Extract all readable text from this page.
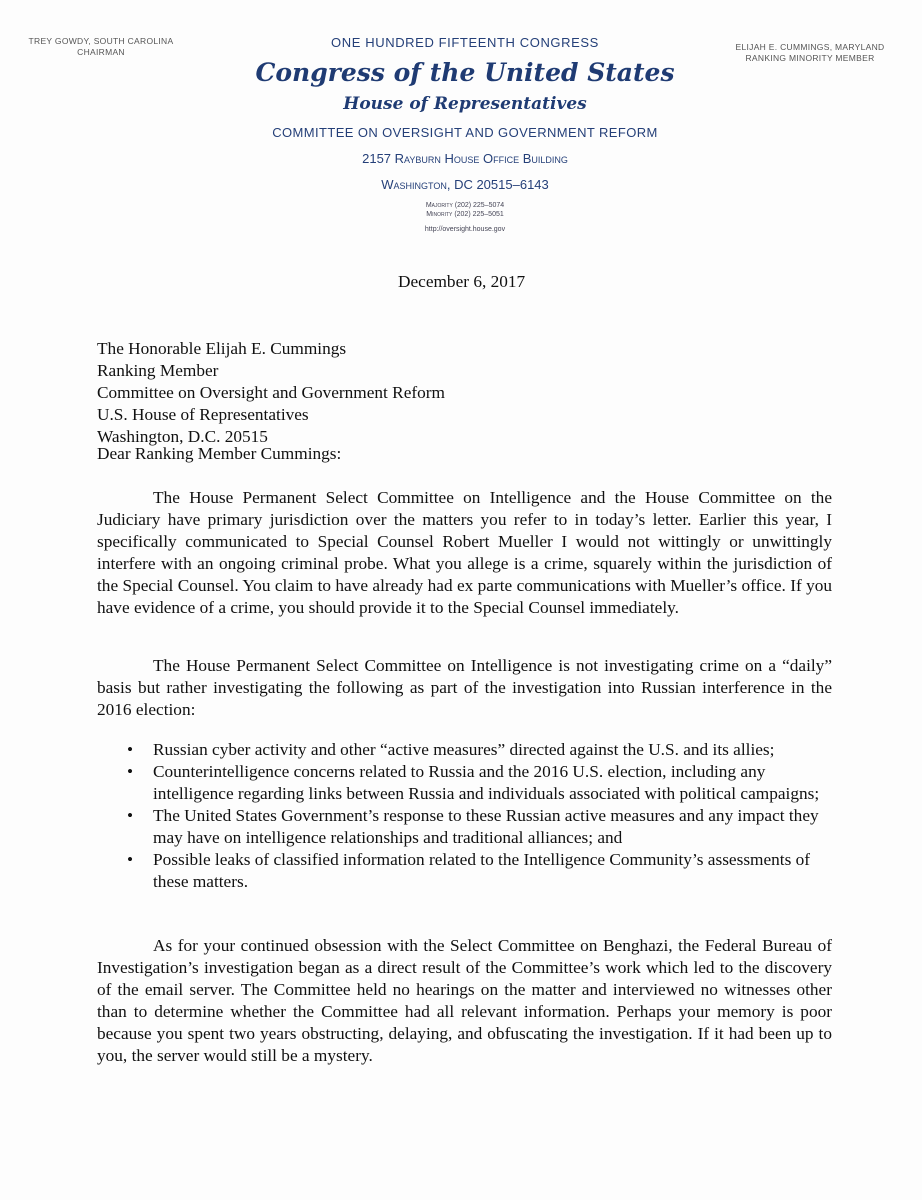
TREY GOWDY, SOUTH CAROLINA
CHAIRMAN	ELIJAH E. CUMMINGS, MARYLAND
RANKING MINORITY MEMBER
ONE HUNDRED FIFTEENTH CONGRESS
Congress of the United States
House of Representatives
COMMITTEE ON OVERSIGHT AND GOVERNMENT REFORM
2157 Rayburn House Office Building
Washington, DC 20515–6143
Majority (202) 225–5074
Minority (202) 225–5051
http://oversight.house.gov
December 6, 2017
The Honorable Elijah E. Cummings
Ranking Member
Committee on Oversight and Government Reform
U.S. House of Representatives
Washington, D.C. 20515
Dear Ranking Member Cummings:

The House Permanent Select Committee on Intelligence and the House Committee on the Judiciary have primary jurisdiction over the matters you refer to in today’s letter. Earlier this year, I specifically communicated to Special Counsel Robert Mueller I would not wittingly or unwittingly interfere with an ongoing criminal probe. What you allege is a crime, squarely within the jurisdiction of the Special Counsel. You claim to have already had ex parte communications with Mueller’s office. If you have evidence of a crime, you should provide it to the Special Counsel immediately.

The House Permanent Select Committee on Intelligence is not investigating crime on a “daily” basis but rather investigating the following as part of the investigation into Russian interference in the 2016 election:

• Russian cyber activity and other “active measures” directed against the U.S. and its allies;
• Counterintelligence concerns related to Russia and the 2016 U.S. election, including any intelligence regarding links between Russia and individuals associated with political campaigns;
• The United States Government’s response to these Russian active measures and any impact they may have on intelligence relationships and traditional alliances; and
• Possible leaks of classified information related to the Intelligence Community’s assessments of these matters.

As for your continued obsession with the Select Committee on Benghazi, the Federal Bureau of Investigation’s investigation began as a direct result of the Committee’s work which led to the discovery of the email server. The Committee held no hearings on the matter and interviewed no witnesses other than to determine whether the Committee had all relevant information. Perhaps your memory is poor because you spent two years obstructing, delaying, and obfuscating the investigation. If it had been up to you, the server would still be a mystery.
